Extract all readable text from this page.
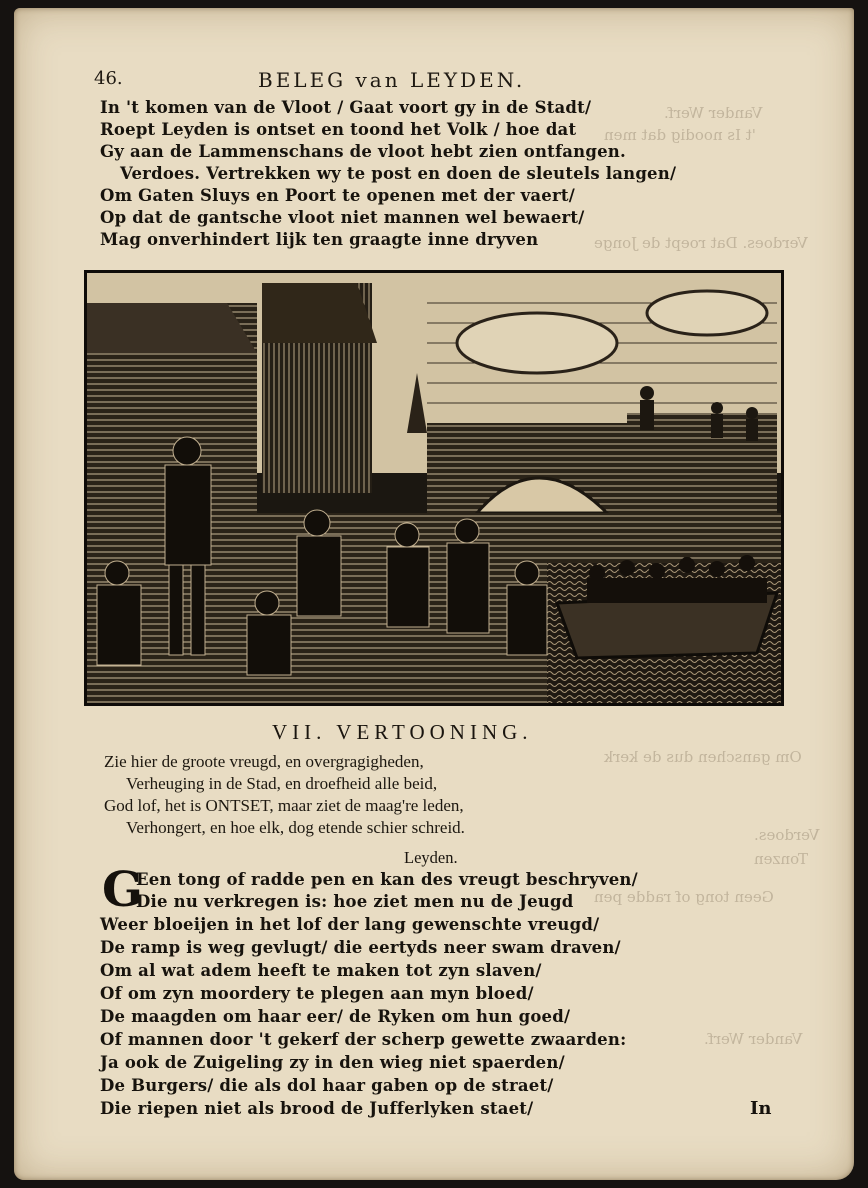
Vander Werf.
't Is noodig dat men
Verdoes. Dat roept de Jonge
Om ganschen dus de kerk
Geen tong of radde pen
Vander Werf.
Verdoes.
Tonzen
46.	BELEG van LEYDEN.
In 't komen van de Vloot / Gaat voort gy in de Stadt/
Roept Leyden is ontset en toond het Volk / hoe dat
Gy aan de Lammenschans de vloot hebt zien ontfangen.
Verdoes. Vertrekken wy te post en doen de sleutels langen/
Om Gaten Sluys en Poort te openen met der vaert/
Op dat de gantsche vloot niet mannen wel bewaert/
Mag onverhindert lijk ten graagte inne dryven
VII. VERTOONING.
Zie hier de groote vreugd, en overgragigheden,
Verheuging in de Stad, en droefheid alle beid,
God lof, het is ONTSET, maar ziet de maag're leden,
Verhongert, en hoe elk, dog etende schier schreid.
Leyden.
G
Een tong of radde pen en kan des vreugt beschryven/
Die nu verkregen is: hoe ziet men nu de Jeugd
Weer bloeijen in het lof der lang gewenschte vreugd/
De ramp is weg gevlugt/ die eertyds neer swam draven/
Om al wat adem heeft te maken tot zyn slaven/
Of om zyn moordery te plegen aan myn bloed/
De maagden om haar eer/ de Ryken om hun goed/
Of mannen door 't gekerf der scherp gewette zwaarden:
Ja ook de Zuigeling zy in den wieg niet spaerden/
De Burgers/ die als dol haar gaben op de straet/
Die riepen niet als brood de Jufferlyken staet/	In
